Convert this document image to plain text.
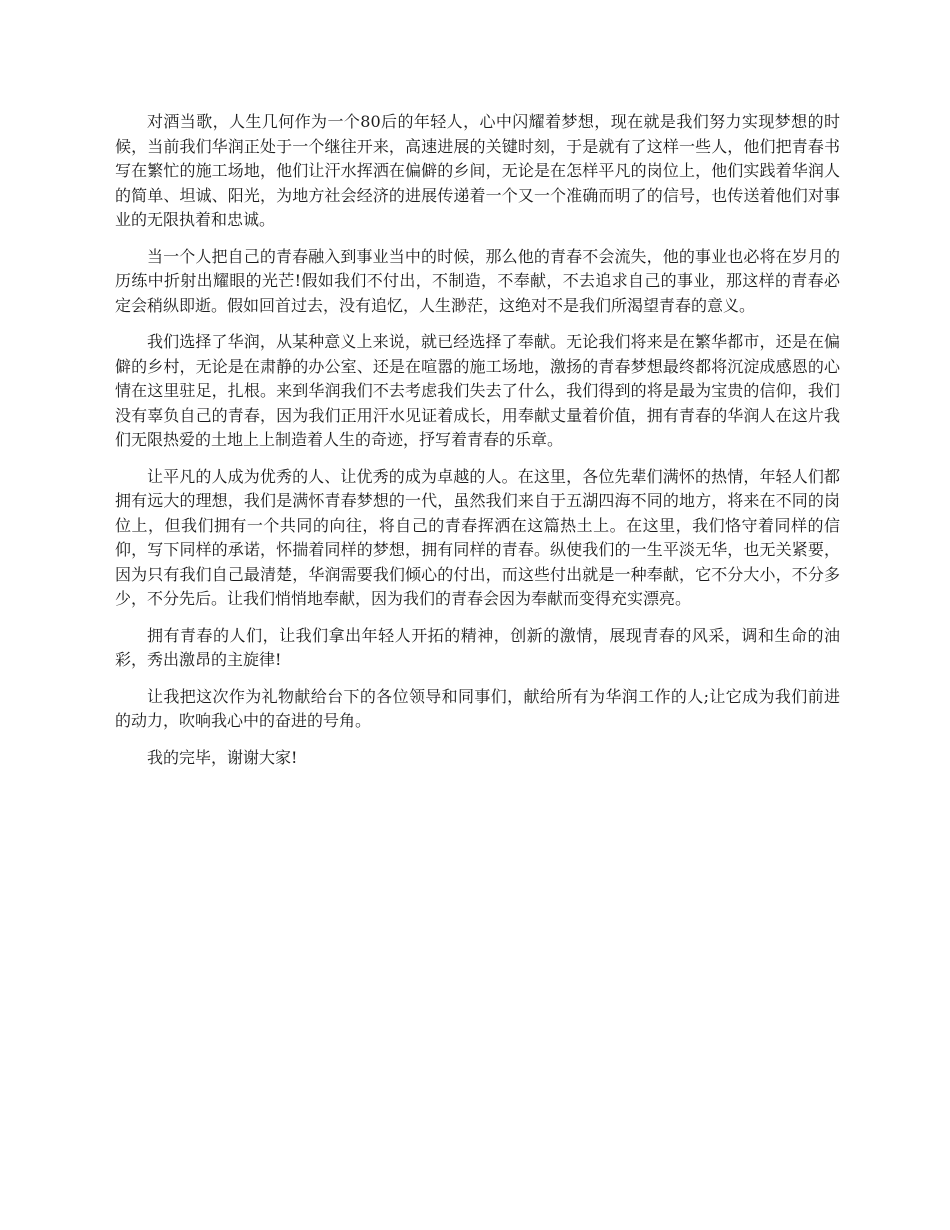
对酒当歌，人生几何作为一个80后的年轻人，心中闪耀着梦想，现在就是我们努力实现梦想的时候，当前我们华润正处于一个继往开来，高速进展的关键时刻，于是就有了这样一些人，他们把青春书写在繁忙的施工场地，他们让汗水挥洒在偏僻的乡间，无论是在怎样平凡的岗位上，他们实践着华润人的简单、坦诚、阳光，为地方社会经济的进展传递着一个又一个准确而明了的信号，也传送着他们对事业的无限执着和忠诚。

当一个人把自己的青春融入到事业当中的时候，那么他的青春不会流失，他的事业也必将在岁月的历练中折射出耀眼的光芒!假如我们不付出，不制造，不奉献，不去追求自己的事业，那这样的青春必定会稍纵即逝。假如回首过去，没有追忆，人生渺茫，这绝对不是我们所渴望青春的意义。

我们选择了华润，从某种意义上来说，就已经选择了奉献。无论我们将来是在繁华都市，还是在偏僻的乡村，无论是在肃静的办公室、还是在喧嚣的施工场地，激扬的青春梦想最终都将沉淀成感恩的心情在这里驻足，扎根。来到华润我们不去考虑我们失去了什么，我们得到的将是最为宝贵的信仰，我们没有辜负自己的青春，因为我们正用汗水见证着成长，用奉献丈量着价值，拥有青春的华润人在这片我们无限热爱的土地上上制造着人生的奇迹，抒写着青春的乐章。

让平凡的人成为优秀的人、让优秀的成为卓越的人。在这里，各位先辈们满怀的热情，年轻人们都拥有远大的理想，我们是满怀青春梦想的一代，虽然我们来自于五湖四海不同的地方，将来在不同的岗位上，但我们拥有一个共同的向往，将自己的青春挥洒在这篇热土上。在这里，我们恪守着同样的信仰，写下同样的承诺，怀揣着同样的梦想，拥有同样的青春。纵使我们的一生平淡无华，也无关紧要，因为只有我们自己最清楚，华润需要我们倾心的付出，而这些付出就是一种奉献，它不分大小，不分多少，不分先后。让我们悄悄地奉献，因为我们的青春会因为奉献而变得充实漂亮。

拥有青春的人们，让我们拿出年轻人开拓的精神，创新的激情，展现青春的风采，调和生命的油彩，秀出激昂的主旋律!

让我把这次作为礼物献给台下的各位领导和同事们，献给所有为华润工作的人;让它成为我们前进的动力，吹响我心中的奋进的号角。

我的完毕，谢谢大家!
